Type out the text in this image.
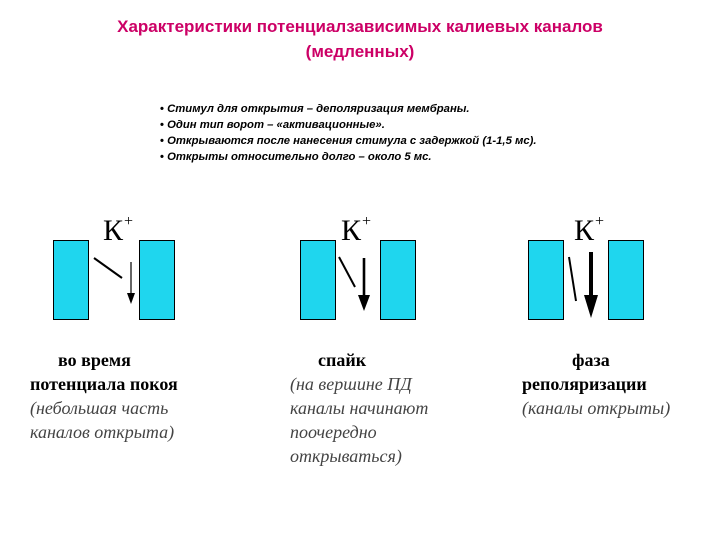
Характеристики потенциалзависимых калиевых каналов
(медленных)
• Стимул для открытия – деполяризация мембраны.
• Один тип ворот – «активационные».
• Открываются после нанесения стимула с задержкой (1-1,5 мс).
• Открыты относительно долго – около 5 мс.
К+
во время
потенциала покоя
(небольшая часть
каналов открыта)
К+
спайк
(на вершине ПД
каналы начинают
поочередно
открываться)
К+
фаза
реполяризации
(каналы открыты)
